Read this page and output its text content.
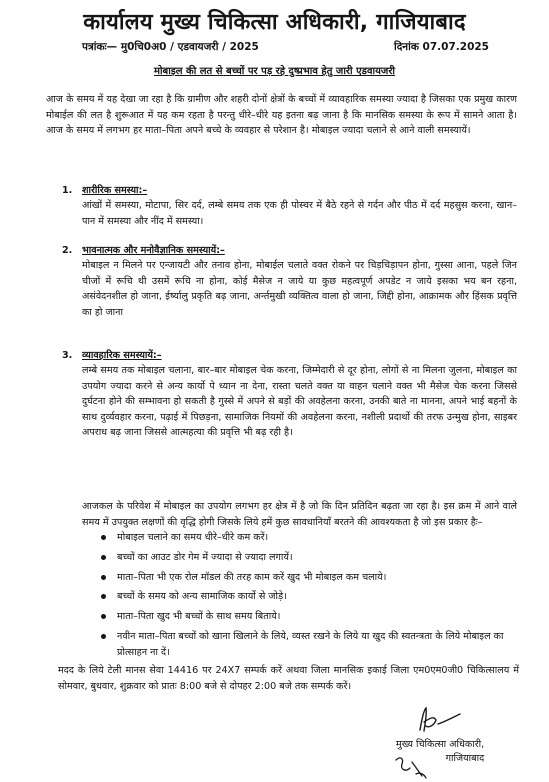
कार्यालय मुख्य चिकित्सा अधिकारी, गाजियाबाद
पत्रांकः— मु0चि0अ0 / एडवायजरी / 2025	दिनांक 07.07.2025
मोबाइल की लत से बच्चों पर पड़ रहे दुष्प्रभाव हेतु जारी एडवायजरी

आज के समय में यह देखा जा रहा है कि ग्रामीण और शहरी दोनों क्षेत्रों के बच्चों में व्यावहारिक समस्या ज्यादा है जिसका एक प्रमुख कारण मोबाईल की लत है शुरूआत में यह कम रहता है परन्तु धीरे–धीरे यह इतना बढ़ जाना है कि मानसिक समस्या के रूप में सामने आता है। आज के समय में लगभग हर माता–पिता अपने बच्चे के व्यवहार से परेशान है। मोबाइल ज्यादा चलाने से आने वाली समस्यायें।

1. शारीरिक समस्या:–

आंखों में समस्या, मोटापा, सिर दर्द, लम्बे समय तक एक ही पोस्चर में बैठे रहने से गर्दन और पीठ में दर्द महसुस करना, खान–पान में समस्या और नींद में समस्या।

2. भावनात्मक और मनोवैज्ञानिक समस्यायें:–

मोबाइल न मिलने पर एन्जायटी और तनाव होना, मोबाईल चलाते वक्त रोकने पर चिड़चिड़ापन होना, गुस्सा आना, पहले जिन चीजों में रूचि थी उसमें रूचि ना होना, कोई मैसेज न जाये या कुछ महत्वपूर्ण अपडेट न जाये इसका भय बन रहना, असंवेदनशील हो जाना, ईर्ष्यालु प्रकृति बढ़ जाना, अर्न्तमुखी व्यक्तित्व वाला हो जाना, जिद्दी होना, आक्रामक और हिंसक प्रवृत्ति का हो जाना

3. व्यावहारिक समस्यायें:–

लम्बे समय तक मोबाइल चलाना, बार–बार मोबाइल चेक करना, जिम्मेदारी से दूर होना, लोगों से ना मिलना जुलना, मोबाइल का उपयोग ज्यादा करने से अन्य कार्यो पे ध्यान ना देना, रास्ता चलते वक्त या वाहन चलाने वक्त भी मैसेज चेक करना जिससे दुर्घटना होने की सम्भावना हो सकती है गुस्से में अपने से बड़ों की अवहेलना करना, उनकी बाते ना मानना, अपने भाई बहनों के साथ दुर्व्यवहार करना, पढ़ाई में पिछड़ना, सामाजिक नियमों की अवहेलना करना, नशीली प्रदार्थो की तरफ उन्मुख होना, साइबर अपराध बढ़ जाना जिससे आत्महत्या की प्रवृत्ति भी बढ़ रही है।

आजकल के परिवेश में मोबाइल का उपयोग लगभग हर क्षेत्र में है जो कि दिन प्रतिदिन बढ़ता जा रहा है। इस क्रम में आने वाले समय में उपयुक्त लक्षणों की वृद्धि होगी जिसके लिये हमें कुछ सावधानियाँ बरतने की आवश्यकता है जो इस प्रकार हैः–

मोबाइल चलाने का समय धीरे–धीरे कम करें।
बच्चों का आउट डोर गेम में ज्यादा से ज्यादा लगायें।
माता–पिता भी एक रोल मॉडल की तरह काम करें खुद भी मोबाइल कम चलाये।
बच्चों के समय को अन्य सामाजिक कार्यो से जोड़े।
माता–पिता खुद भी बच्चों के साथ समय बिताये।
नवीन माता–पिता बच्चों को खाना खिलाने के लिये, व्यस्त रखने के लिये या खुद की स्वतन्त्रता के लिये मोबाइल का प्रोत्साहन ना दें।

मदद के लिये टेली मानस सेवा 14416 पर 24X7 सम्पर्क करें अथवा जिला मानसिक इकाई जिला एम0एम0जी0 चिकित्सालय में सोमवार, बुधवार, शुक्रवार को प्रातः 8:00 बजे से दोपहर 2:00 बजे तक सम्पर्क करें।

मुख्य चिकित्सा अधिकारी,
गाजियाबाद
